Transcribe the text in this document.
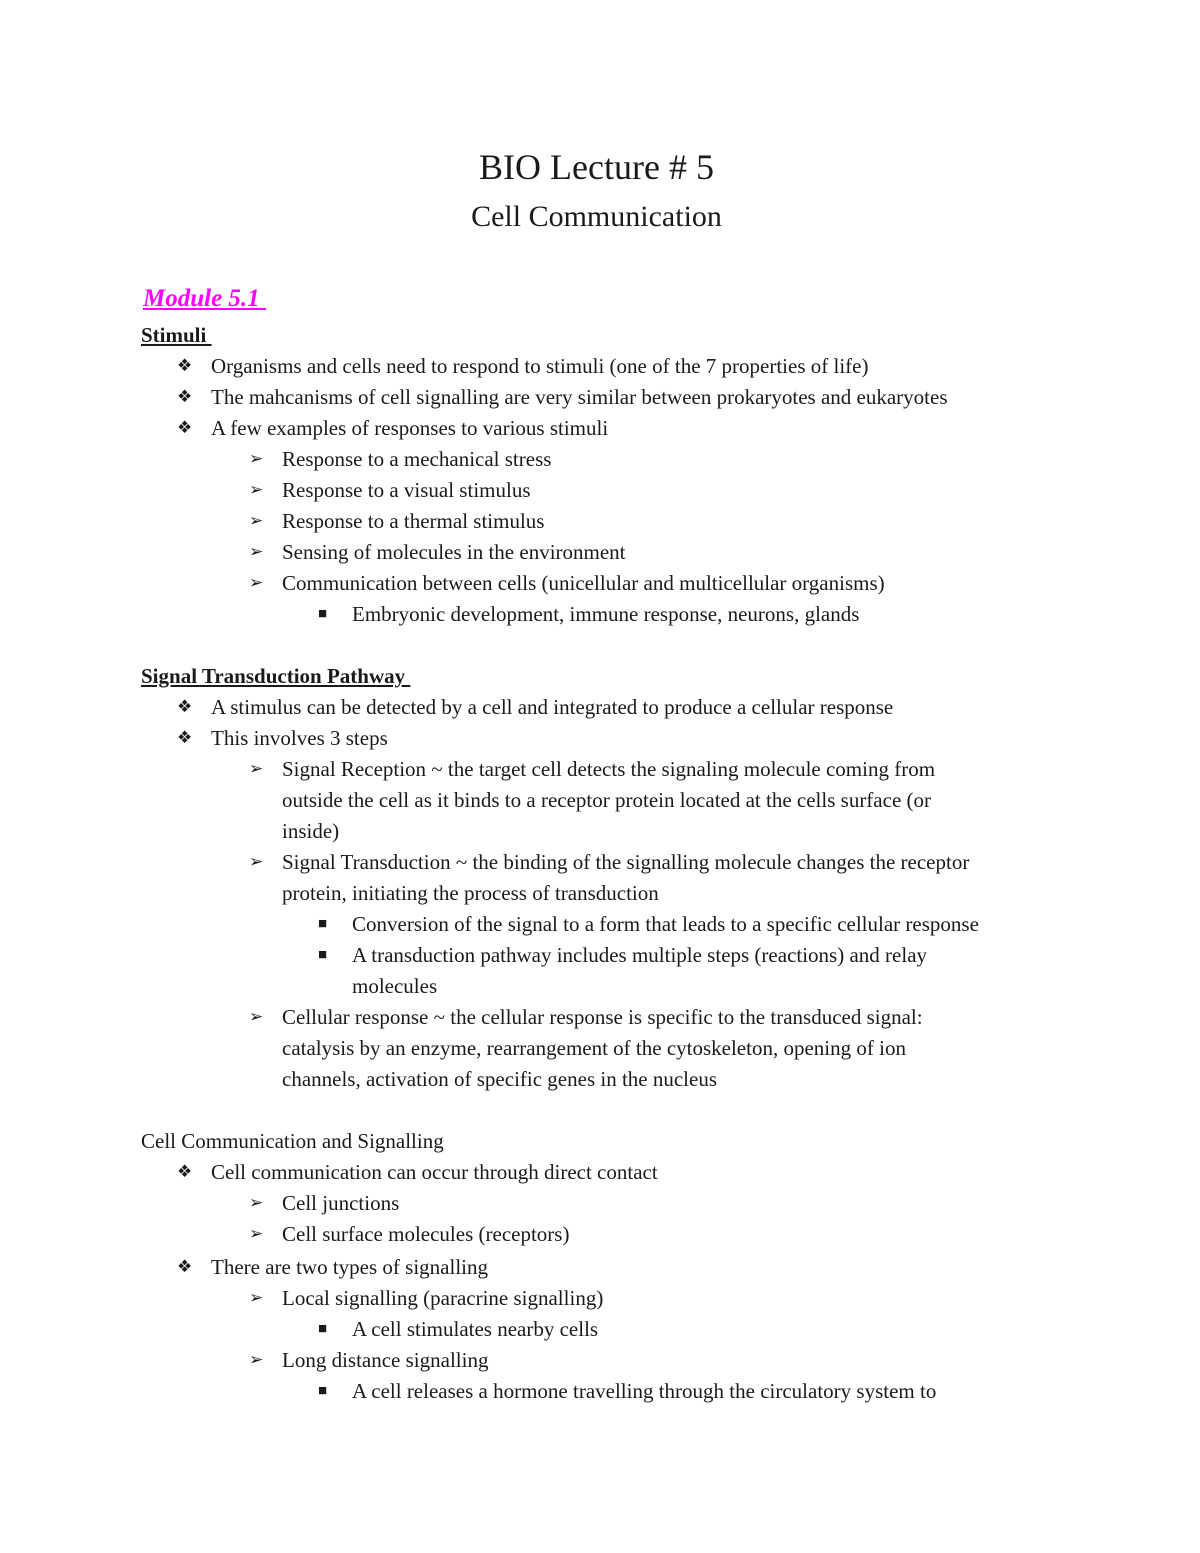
BIO Lecture # 5
Cell Communication
Module 5.1
Stimuli
❖ Organisms and cells need to respond to stimuli (one of the 7 properties of life)
❖ The mahcanisms of cell signalling are very similar between prokaryotes and eukaryotes
❖ A few examples of responses to various stimuli
➢ Response to a mechanical stress
➢ Response to a visual stimulus
➢ Response to a thermal stimulus
➢ Sensing of molecules in the environment
➢ Communication between cells (unicellular and multicellular organisms)
■ Embryonic development, immune response, neurons, glands
Signal Transduction Pathway
❖ A stimulus can be detected by a cell and integrated to produce a cellular response
❖ This involves 3 steps
➢ Signal Reception ~ the target cell detects the signaling molecule coming from
outside the cell as it binds to a receptor protein located at the cells surface (or
inside)
➢ Signal Transduction ~ the binding of the signalling molecule changes the receptor
protein, initiating the process of transduction
■ Conversion of the signal to a form that leads to a specific cellular response
■ A transduction pathway includes multiple steps (reactions) and relay
molecules
➢ Cellular response ~ the cellular response is specific to the transduced signal:
catalysis by an enzyme, rearrangement of the cytoskeleton, opening of ion
channels, activation of specific genes in the nucleus
Cell Communication and Signalling
❖ Cell communication can occur through direct contact
➢ Cell junctions
➢ Cell surface molecules (receptors)
❖ There are two types of signalling
➢ Local signalling (paracrine signalling)
■ A cell stimulates nearby cells
➢ Long distance signalling
■ A cell releases a hormone travelling through the circulatory system to
